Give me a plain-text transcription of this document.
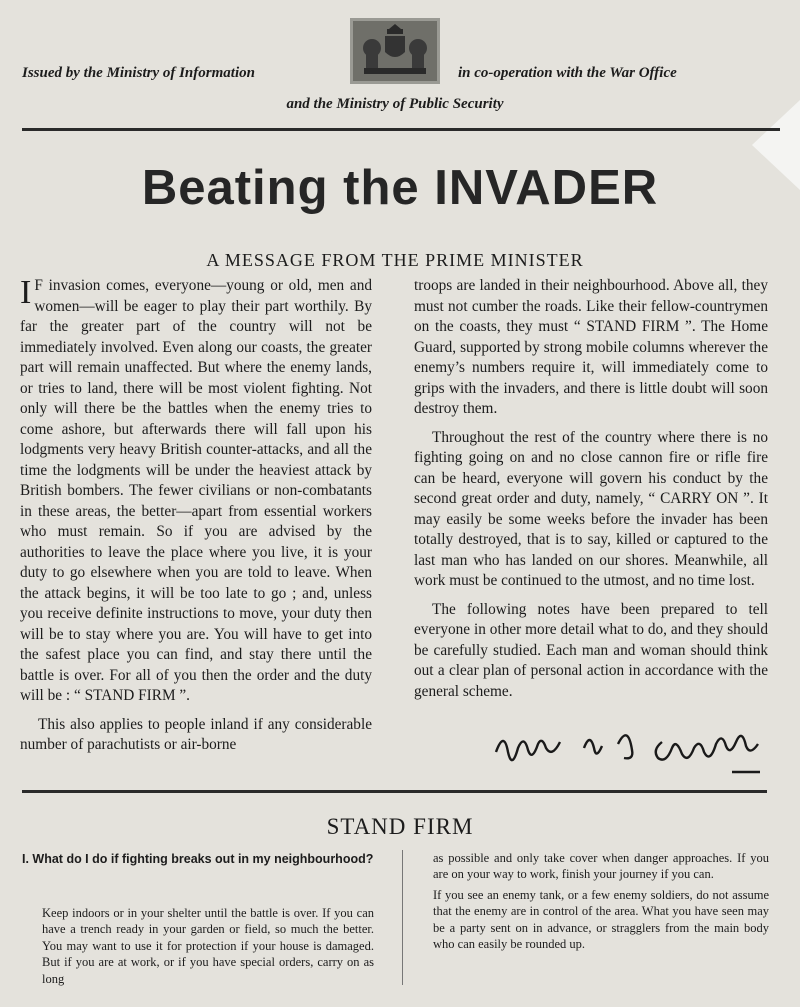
Issued by the Ministry of Information	in co-operation with the War Office
and the Ministry of Public Security
Beating the INVADER
A MESSAGE FROM THE PRIME MINISTER

I F invasion comes, everyone—young or old, men and women—will be eager to play their part worthily. By far the greater part of the country will not be immediately involved. Even along our coasts, the greater part will remain unaffected. But where the enemy lands, or tries to land, there will be most violent fighting. Not only will there be the battles when the enemy tries to come ashore, but afterwards there will fall upon his lodgments very heavy British counter-attacks, and all the time the lodgments will be under the heaviest attack by British bombers. The fewer civilians or non-combatants in these areas, the better—apart from essential workers who must remain. So if you are advised by the authorities to leave the place where you live, it is your duty to go elsewhere when you are told to leave. When the attack begins, it will be too late to go ; and, unless you receive definite instructions to move, your duty then will be to stay where you are. You will have to get into the safest place you can find, and stay there until the battle is over. For all of you then the order and the duty will be : “ STAND FIRM ”.

This also applies to people inland if any considerable number of parachutists or air-borne

troops are landed in their neighbourhood. Above all, they must not cumber the roads. Like their fellow-countrymen on the coasts, they must “ STAND FIRM ”. The Home Guard, supported by strong mobile columns wherever the enemy’s numbers require it, will immediately come to grips with the invaders, and there is little doubt will soon destroy them.

Throughout the rest of the country where there is no fighting going on and no close cannon fire or rifle fire can be heard, everyone will govern his conduct by the second great order and duty, namely, “ CARRY ON ”. It may easily be some weeks before the invader has been totally destroyed, that is to say, killed or captured to the last man who has landed on our shores. Meanwhile, all work must be continued to the utmost, and no time lost.

The following notes have been prepared to tell everyone in other more detail what to do, and they should be carefully studied. Each man and woman should think out a clear plan of personal action in accordance with the general scheme.

STAND FIRM
I. What do I do if fighting breaks out in my neighbourhood?
Keep indoors or in your shelter until the battle is over. If you can have a trench ready in your garden or field, so much the better. You may want to use it for protection if your house is damaged. But if you are at work, or if you have special orders, carry on as long

as possible and only take cover when danger approaches. If you are on your way to work, finish your journey if you can.

If you see an enemy tank, or a few enemy soldiers, do not assume that the enemy are in control of the area. What you have seen may be a party sent on in advance, or stragglers from the main body who can easily be rounded up.
